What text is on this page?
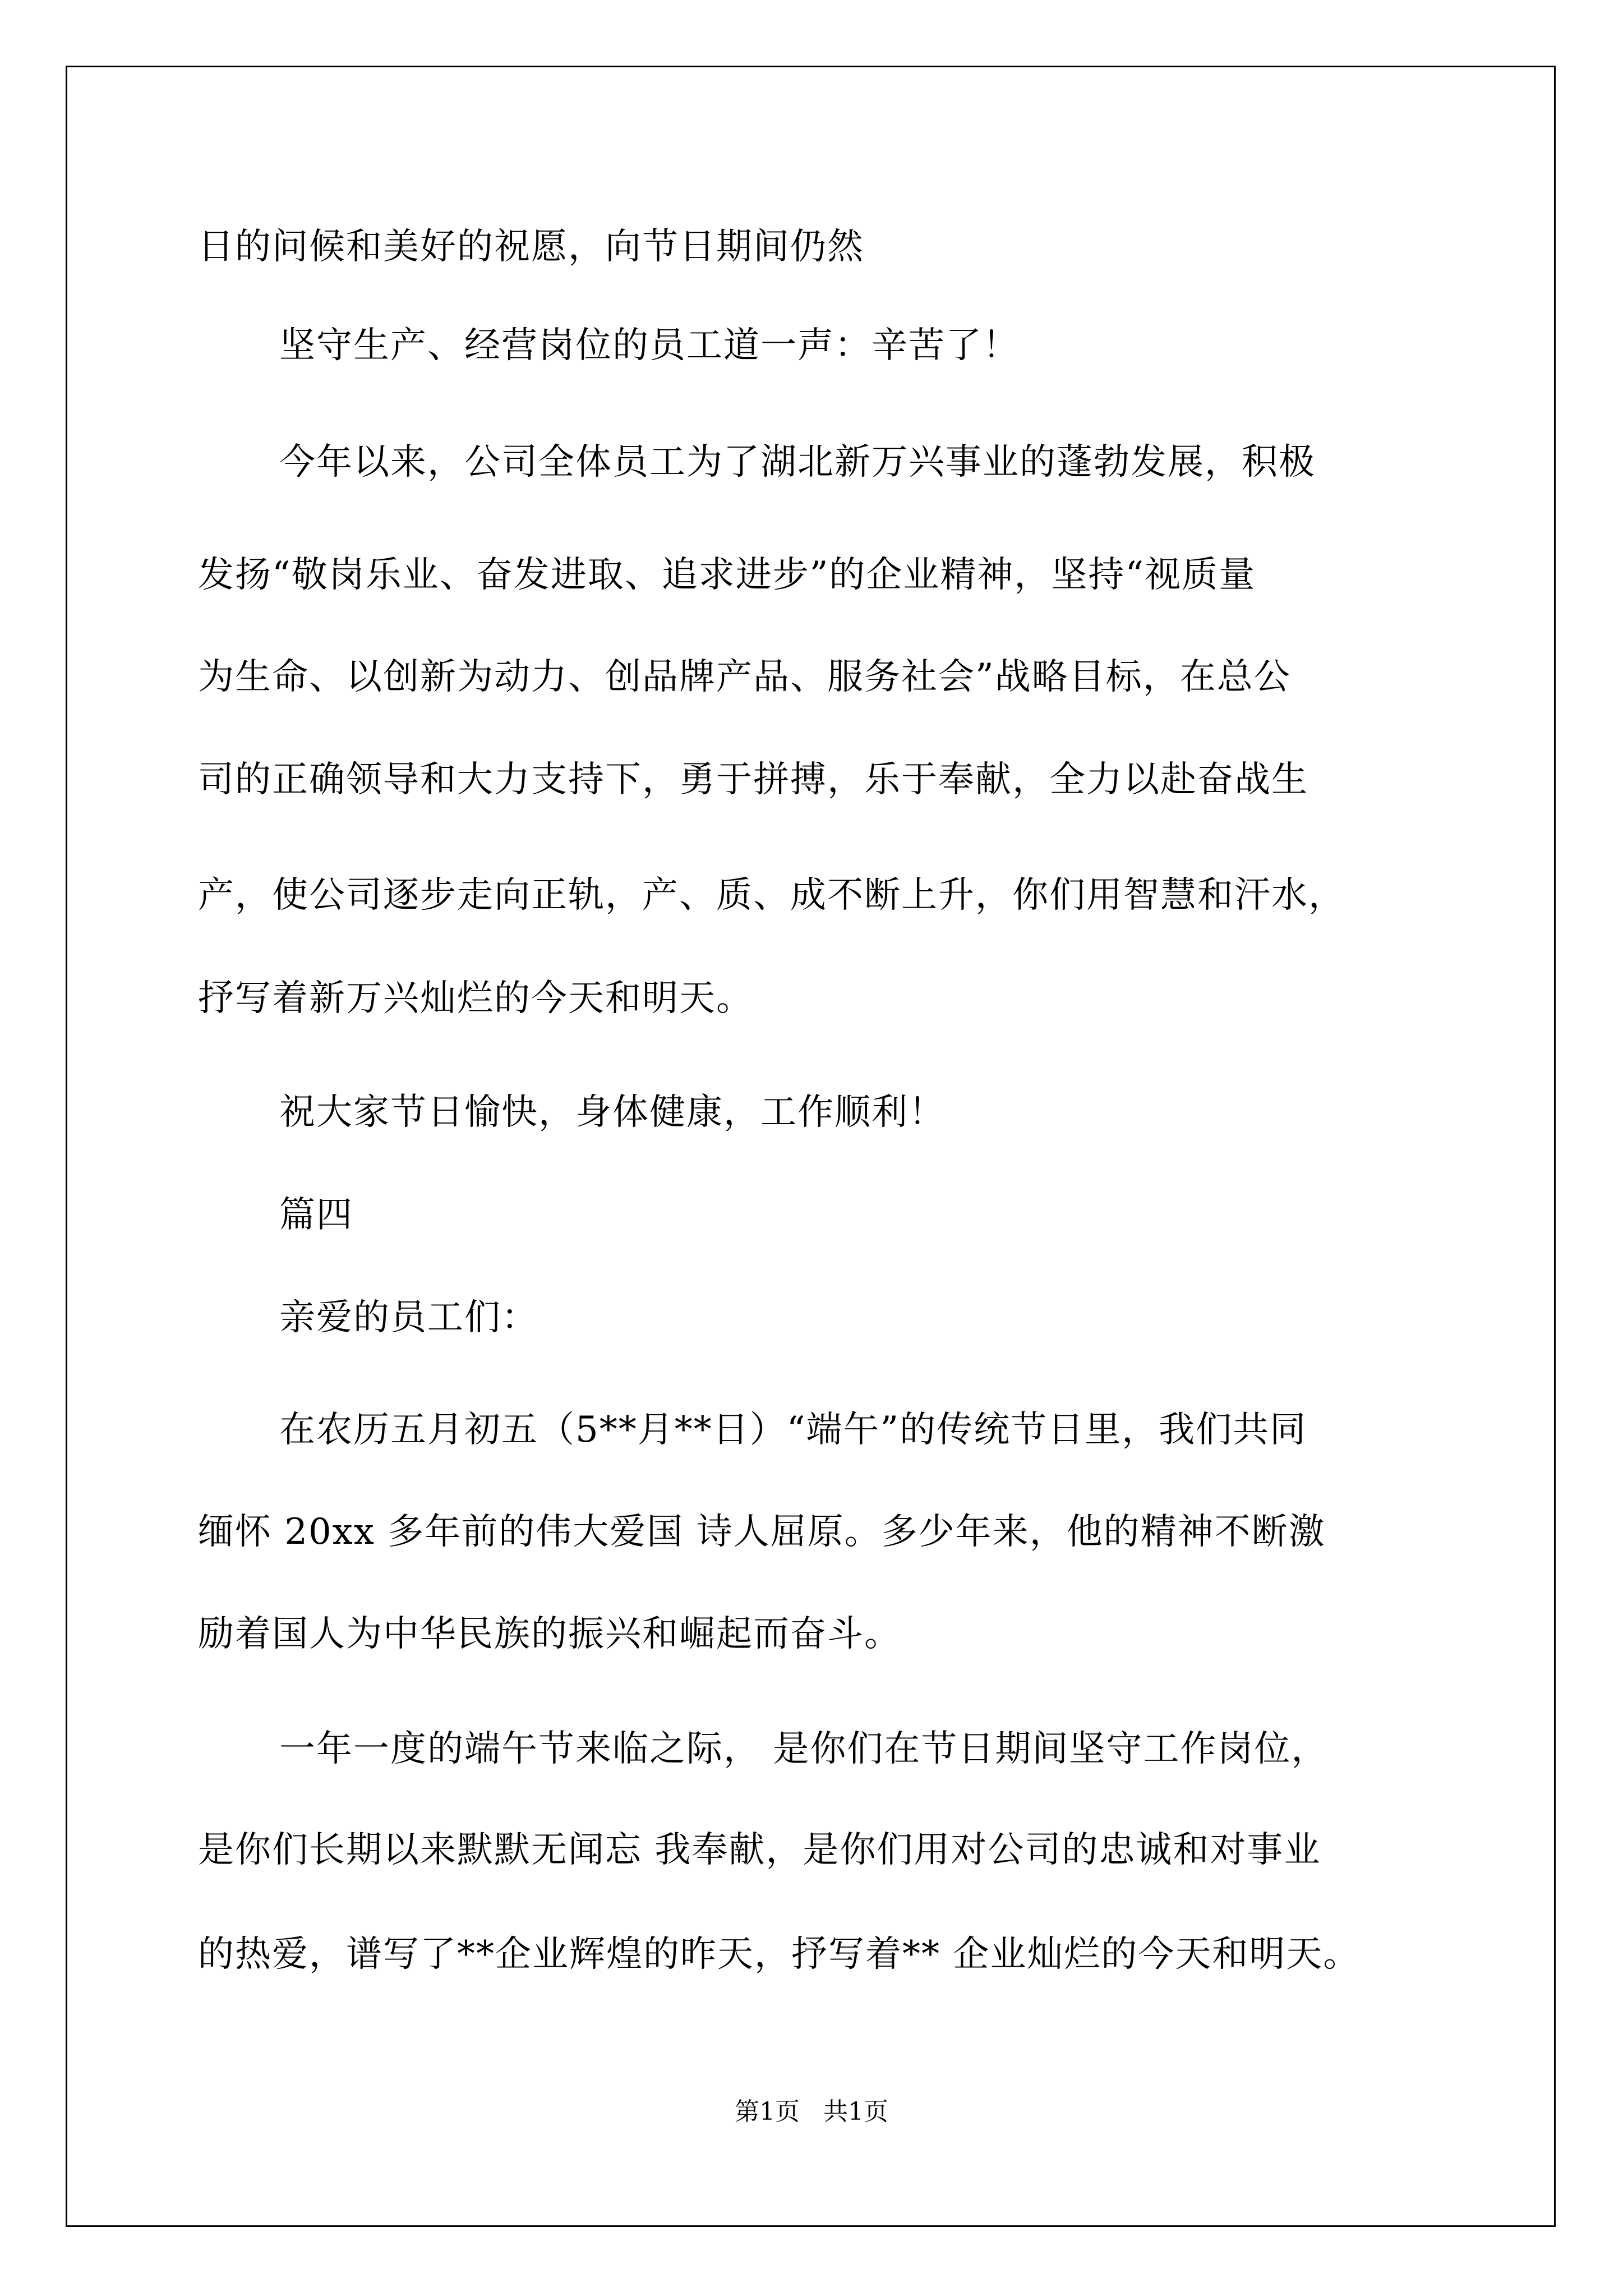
日的问候和美好的祝愿，向节日期间仍然
坚守生产、经营岗位的员工道一声：辛苦了！
今年以来，公司全体员工为了湖北新万兴事业的蓬勃发展，积极
发扬“敬岗乐业、奋发进取、追求进步”的企业精神，坚持“视质量
为生命、以创新为动力、创品牌产品、服务社会”战略目标，在总公
司的正确领导和大力支持下，勇于拼搏，乐于奉献，全力以赴奋战生
产，使公司逐步走向正轨，产、质、成不断上升，你们用智慧和汗水，
抒写着新万兴灿烂的今天和明天。
祝大家节日愉快，身体健康，工作顺利！
篇四
亲爱的员工们：
在农历五月初五（5**月**日）“端午”的传统节日里，我们共同
缅怀 20xx 多年前的伟大爱国 诗人屈原。多少年来，他的精神不断激
励着国人为中华民族的振兴和崛起而奋斗。
一年一度的端午节来临之际， 是你们在节日期间坚守工作岗位，
是你们长期以来默默无闻忘 我奉献，是你们用对公司的忠诚和对事业
的热爱，谱写了**企业辉煌的昨天，抒写着** 企业灿烂的今天和明天。
第1页   共1页
